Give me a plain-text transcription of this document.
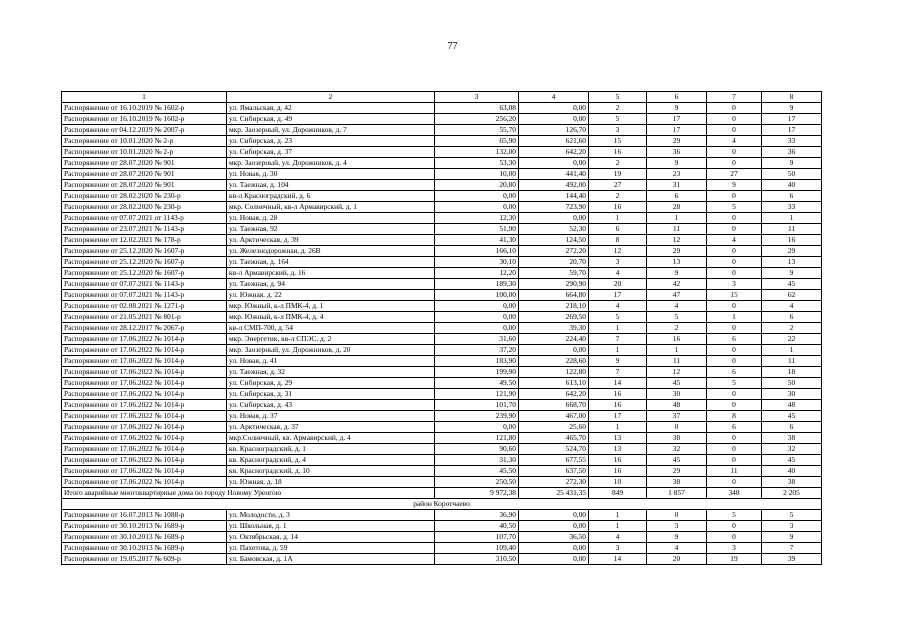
77
1	2	3	4	5	6	7	8
Распоряжение от 16.10.2019 № 1602-р	ул. Ямальская, д. 42	63,08	0,00	2	9	0	9
Распоряжение от 16.10.2019 № 1602-р	ул. Сибирская, д. 49	256,20	0,00	5	17	0	17
Распоряжение от 04.12.2019 № 2007-р	мкр. Заозерный, ул. Дорожников, д. 7	55,70	126,70	3	17	0	17
Распоряжение от 10.01.2020 № 2-р	ул. Сибирская, д. 23	65,90	621,60	15	29	4	33
Распоряжение от 10.01.2020 № 2-р	ул. Сибирская, д. 37	132,00	642,20	16	36	0	36
Распоряжение от 28.07.2020 № 901	мкр. Заозерный, ул. Дорожников, д. 4	53,30	0,00	2	9	0	9
Распоряжение от 28.07.2020 № 901	ул. Новая, д. 30	10,00	441,40	19	23	27	50
Распоряжение от 28.07.2020 № 901	ул. Таежная, д. 104	20,80	492,00	27	31	9	40
Распоряжение от 28.02.2020 № 230-р	кв-л Красноградский, д. 6	0,00	144,40	2	6	0	6
Распоряжение от 28.02.2020 № 230-р	мкр. Солнечный, кв-л Армавирский, д. 1	0,00	723,90	16	28	5	33
Распоряжение от 07.07.2021 от 1143-р	ул. Новая, д. 28	12,30	0,00	1	1	0	1
Распоряжение от 23.07.2021 № 1143-р	ул. Таежная, 92	51,90	52,30	6	11	0	11
Распоряжение от 12.02.2021 № 178-р	ул. Арктическая, д. 39	41,30	124,50	8	12	4	16
Распоряжение от 25.12.2020 № 1607-р	ул. Железнодорожная, д. 26В	166,10	272,20	12	29	0	29
Распоряжение от 25.12.2020 № 1607-р	ул. Таежная, д. 164	30,10	20,70	3	13	0	13
Распоряжение от 25.12.2020 № 1607-р	кв-л Армавирский, д. 16	12,20	59,70	4	9	0	9
Распоряжение от 07.07.2021 № 1143-р	ул. Таежная, д. 94	189,30	290,90	20	42	3	45
Распоряжение от 07.07.2021 № 1143-р	ул. Южная, д. 22	100,00	664,80	17	47	15	62
Распоряжение от 02.08.2021 № 1271-р	мкр. Южный, к-л ПМК-4, д. 1	0,00	218,10	4	4	0	4
Распоряжение от 21.05.2021 № 801-р	мкр. Южный, к-л ПМК-4, д. 4	0,00	269,50	5	5	1	6
Распоряжение от 28.12.2017 № 2067-р	кв-л СМП-700, д. 54	0,00	39,30	1	2	0	2
Распоряжение от 17.06.2022 № 1014-р	мкр. Энергетик, кв-л СПЭС, д. 2	31,60	224,40	7	16	6	22
Распоряжение от 17.06.2022 № 1014-р	мкр. Заозерный, ул. Дорожников, д. 20	37,20	0,00	1	1	0	1
Распоряжение от 17.06.2022 № 1014-р	ул. Новая, д. 41	183,90	228,60	9	11	0	11
Распоряжение от 17.06.2022 № 1014-р	ул. Таежная, д. 32	199,90	122,80	7	12	6	18
Распоряжение от 17.06.2022 № 1014-р	ул. Сибирская, д. 29	49,50	613,10	14	45	5	50
Распоряжение от 17.06.2022 № 1014-р	ул. Сибирская, д. 31	121,90	642,20	16	30	0	30
Распоряжение от 17.06.2022 № 1014-р	ул. Сибирская, д. 43	101,70	668,70	16	48	0	48
Распоряжение от 17.06.2022 № 1014-р	ул. Новая, д. 37	239,90	467,00	17	37	8	45
Распоряжение от 17.06.2022 № 1014-р	ул. Арктическая, д. 37	0,00	25,60	1	0	6	6
Распоряжение от 17.06.2022 № 1014-р	мкр.Солнечный, кв. Армавирский, д. 4	121,80	465,70	13	38	0	38
Распоряжение от 17.06.2022 № 1014-р	кв. Красноградский, д. 1	90,60	524,70	13	32	0	32
Распоряжение от 17.06.2022 № 1014-р	кв. Красноградский, д. 4	31,30	677,55	16	45	0	45
Распоряжение от 17.06.2022 № 1014-р	кв. Красноградский, д. 10	45,50	637,50	16	29	11	40
Распоряжение от 17.06.2022 № 1014-р	ул. Южная, д. 18	250,50	272,30	10	38	0	38
Итого аварийные многоквартирные дома по городу Новому Уренгою		9 972,38	25 431,35	849	1 857	348	2 205
район Коротчаево							
Распоряжение от 16.07.2013 № 1088-р	ул. Молодости, д. 3	36,90	0,00	1	0	5	5
Распоряжение от 30.10.2013 № 1689-р	ул. Школьная, д. 1	40,50	0,00	1	3	0	3
Распоряжение от 30.10.2013 № 1689-р	ул. Октябрьская, д. 14	107,70	36,50	4	9	0	9
Распоряжение от 30.10.2013 № 1689-р	ул. Пахотова, д. 59	109,40	0,00	3	4	3	7
Распоряжение от 19.05.2017 № 609-р	ул. Бамовская, д. 1А	310,50	0,00	14	20	19	39
